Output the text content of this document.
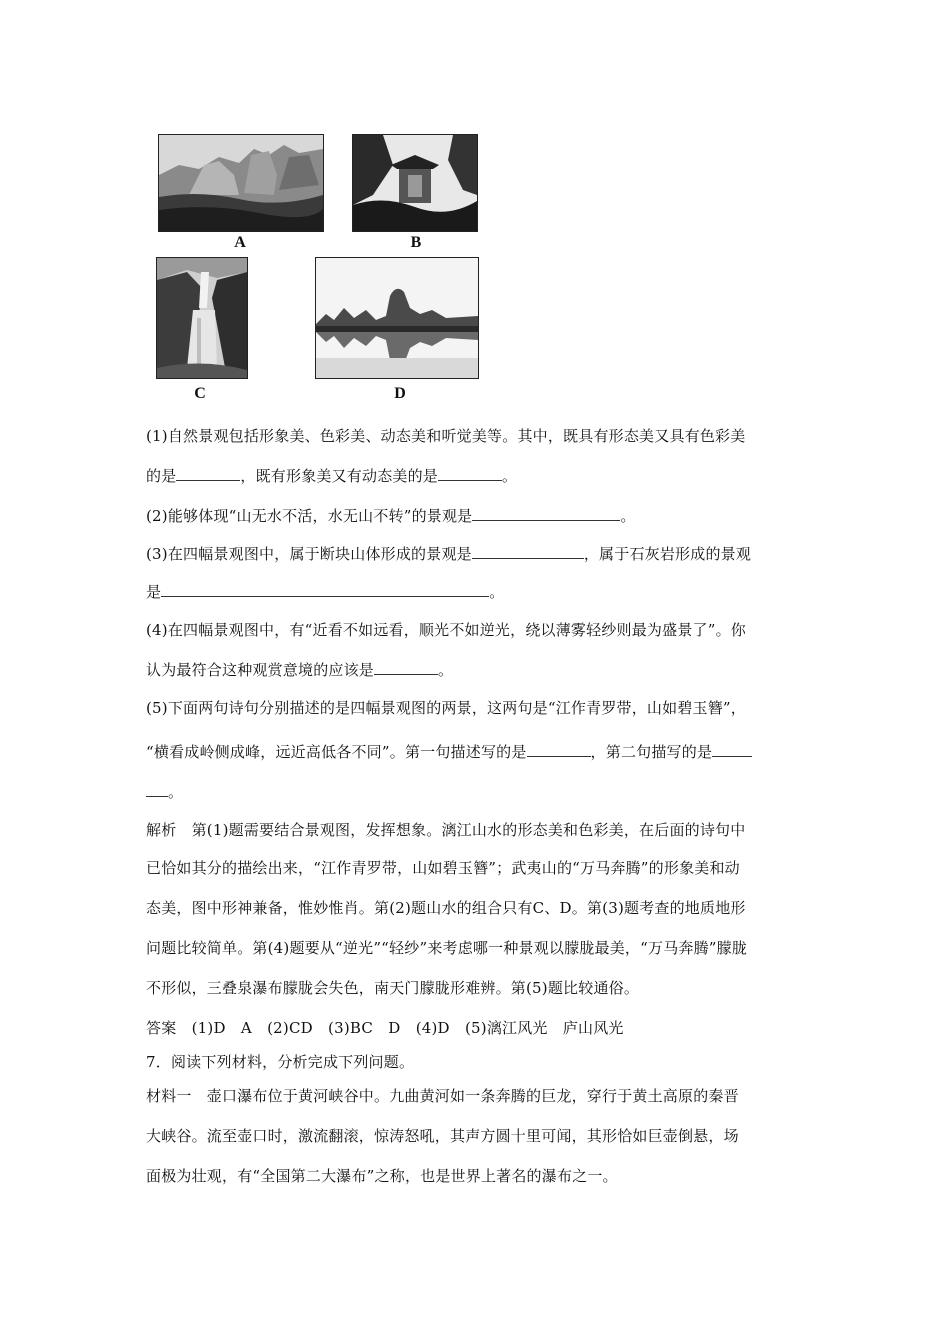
A	B
C	D
(1)自然景观包括形象美、色彩美、动态美和听觉美等。其中，既具有形态美又具有色彩美
的是	，既有形象美又有动态美的是	。
(2)能够体现“山无水不活，水无山不转”的景观是	。
(3)在四幅景观图中，属于断块山体形成的景观是	，属于石灰岩形成的景观
是	。
(4)在四幅景观图中，有“近看不如远看，顺光不如逆光，绕以薄雾轻纱则最为盛景了”。你
认为最符合这种观赏意境的应该是	。
(5)下面两句诗句分别描述的是四幅景观图的两景，这两句是“江作青罗带，山如碧玉簪”，
“横看成岭侧成峰，远近高低各不同”。第一句描述写的是	，第二句描写的是
。
解析　第(1)题需要结合景观图，发挥想象。漓江山水的形态美和色彩美，在后面的诗句中
已恰如其分的描绘出来，“江作青罗带，山如碧玉簪”；武夷山的“万马奔腾”的形象美和动
态美，图中形神兼备，惟妙惟肖。第(2)题山水的组合只有C、D。第(3)题考查的地质地形
问题比较简单。第(4)题要从“逆光”“轻纱”来考虑哪一种景观以朦胧最美，“万马奔腾”朦胧
不形似，三叠泉瀑布朦胧会失色，南天门朦胧形难辨。第(5)题比较通俗。
答案　(1)D　A　(2)CD　(3)BC　D　(4)D　(5)漓江风光　庐山风光
7．阅读下列材料，分析完成下列问题。
材料一　壶口瀑布位于黄河峡谷中。九曲黄河如一条奔腾的巨龙，穿行于黄土高原的秦晋
大峡谷。流至壶口时，激流翻滚，惊涛怒吼，其声方圆十里可闻，其形恰如巨壶倒悬，场
面极为壮观，有“全国第二大瀑布”之称，也是世界上著名的瀑布之一。
